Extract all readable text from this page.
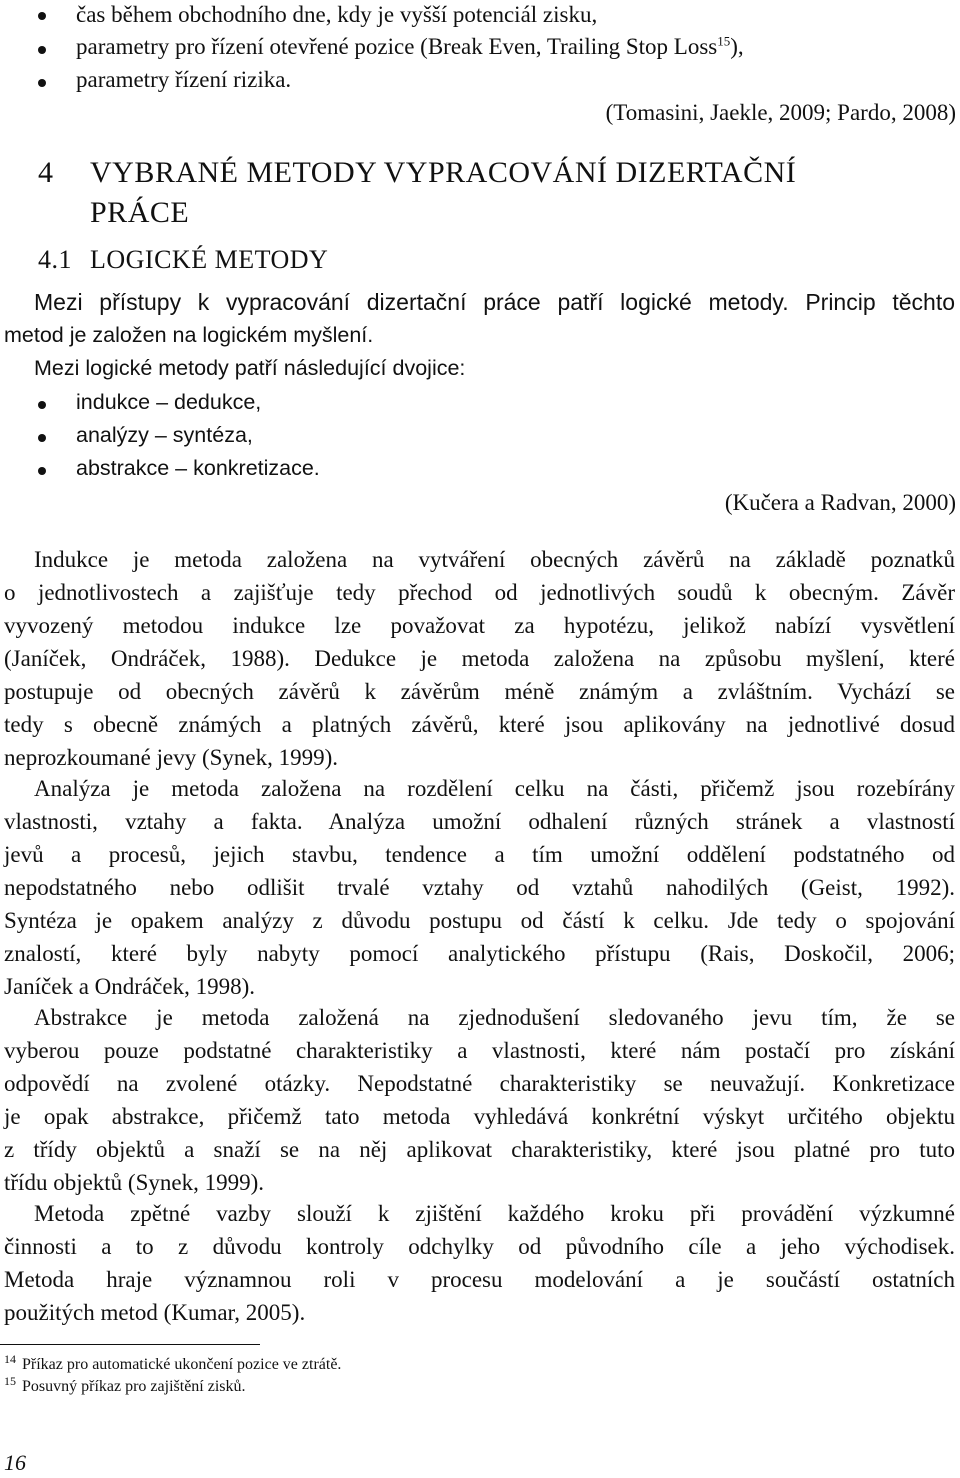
čas během obchodního dne, kdy je vyšší potenciál zisku,
parametry pro řízení otevřené pozice (Break Even, Trailing Stop Loss$^{15}$),
parametry řízení rizika.
(Tomasini, Jaekle, 2009; Pardo, 2008)
4 VYBRANÉ METODY VYPRACOVÁNÍ DIZERTAČNÍ
PRÁCE
4.1 LOGICKÉ METODY
Mezi přístupy k vypracování dizertační práce patří logické metody. Princip těchto
metod je založen na logickém myšlení.
Mezi logické metody patří následující dvojice:
indukce – dedukce,
analýzy – syntéza,
abstrakce – konkretizace.
(Kučera a Radvan, 2000)
Indukce je metoda založena na vytváření obecných závěrů na základě poznatků
o jednotlivostech a zajišťuje tedy přechod od jednotlivých soudů k obecným. Závěr
vyvozený metodou indukce lze považovat za hypotézu, jelikož nabízí vysvětlení
(Janíček, Ondráček, 1988). Dedukce je metoda založena na způsobu myšlení, které
postupuje od obecných závěrů k závěrům méně známým a zvláštním. Vychází se
tedy s obecně známých a platných závěrů, které jsou aplikovány na jednotlivé dosud
neprozkoumané jevy (Synek, 1999).
Analýza je metoda založena na rozdělení celku na části, přičemž jsou rozebírány
vlastnosti, vztahy a fakta. Analýza umožní odhalení různých stránek a vlastností
jevů a procesů, jejich stavbu, tendence a tím umožní oddělení podstatného od
nepodstatného nebo odlišit trvalé vztahy od vztahů nahodilých (Geist, 1992).
Syntéza je opakem analýzy z důvodu postupu od částí k celku. Jde tedy o spojování
znalostí, které byly nabyty pomocí analytického přístupu (Rais, Doskočil, 2006;
Janíček a Ondráček, 1998).
Abstrakce je metoda založená na zjednodušení sledovaného jevu tím, že se
vyberou pouze podstatné charakteristiky a vlastnosti, které nám postačí pro získání
odpovědí na zvolené otázky. Nepodstatné charakteristiky se neuvažují. Konkretizace
je opak abstrakce, přičemž tato metoda vyhledává konkrétní výskyt určitého objektu
z třídy objektů a snaží se na něj aplikovat charakteristiky, které jsou platné pro tuto
třídu objektů (Synek, 1999).
Metoda zpětné vazby slouží k zjištění každého kroku při provádění výzkumné
činnosti a to z důvodu kontroly odchylky od původního cíle a jeho východisek.
Metoda hraje významnou roli v procesu modelování a je součástí ostatních
použitých metod (Kumar, 2005).
14 Příkaz pro automatické ukončení pozice ve ztrátě.
15 Posuvný příkaz pro zajištění zisků.
16
